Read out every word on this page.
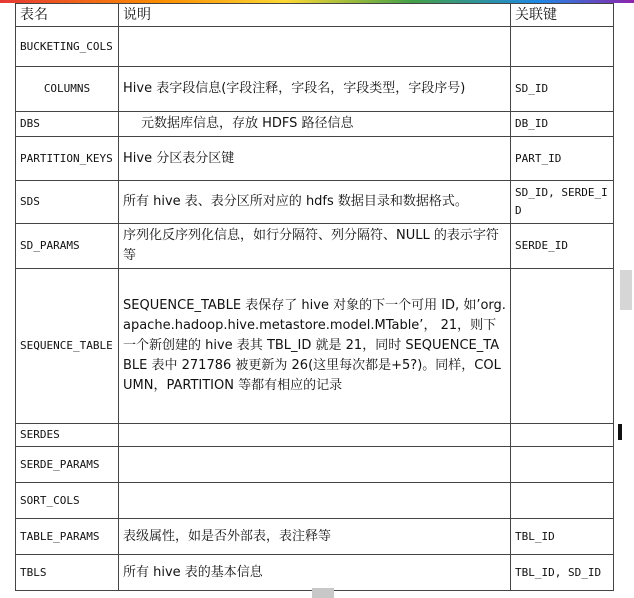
表名	说明	关联键
BUCKETING_COLS		
COLUMNS	Hive 表字段信息(字段注释，字段名，字段类型，字段序号)	SD_ID
DBS	元数据库信息，存放 HDFS 路径信息	DB_ID
PARTITION_KEYS	Hive 分区表分区键	PART_ID
SDS	所有 hive 表、表分区所对应的 hdfs 数据目录和数据格式。	SD_ID, SERDE_ID
SD_PARAMS	序列化反序列化信息，如行分隔符、列分隔符、NULL 的表示字符等	SERDE_ID
SEQUENCE_TABLE	SEQUENCE_TABLE 表保存了 hive 对象的下一个可用 ID, 如’org.apache.hadoop.hive.metastore.model.MTable’， 21，则下一个新创建的 hive 表其 TBL_ID 就是 21，同时 SEQUENCE_TABLE 表中 271786 被更新为 26(这里每次都是+5?)。同样，COLUMN，PARTITION 等都有相应的记录	
SERDES		
SERDE_PARAMS		
SORT_COLS		
TABLE_PARAMS	表级属性，如是否外部表，表注释等	TBL_ID
TBLS	所有 hive 表的基本信息	TBL_ID, SD_ID
